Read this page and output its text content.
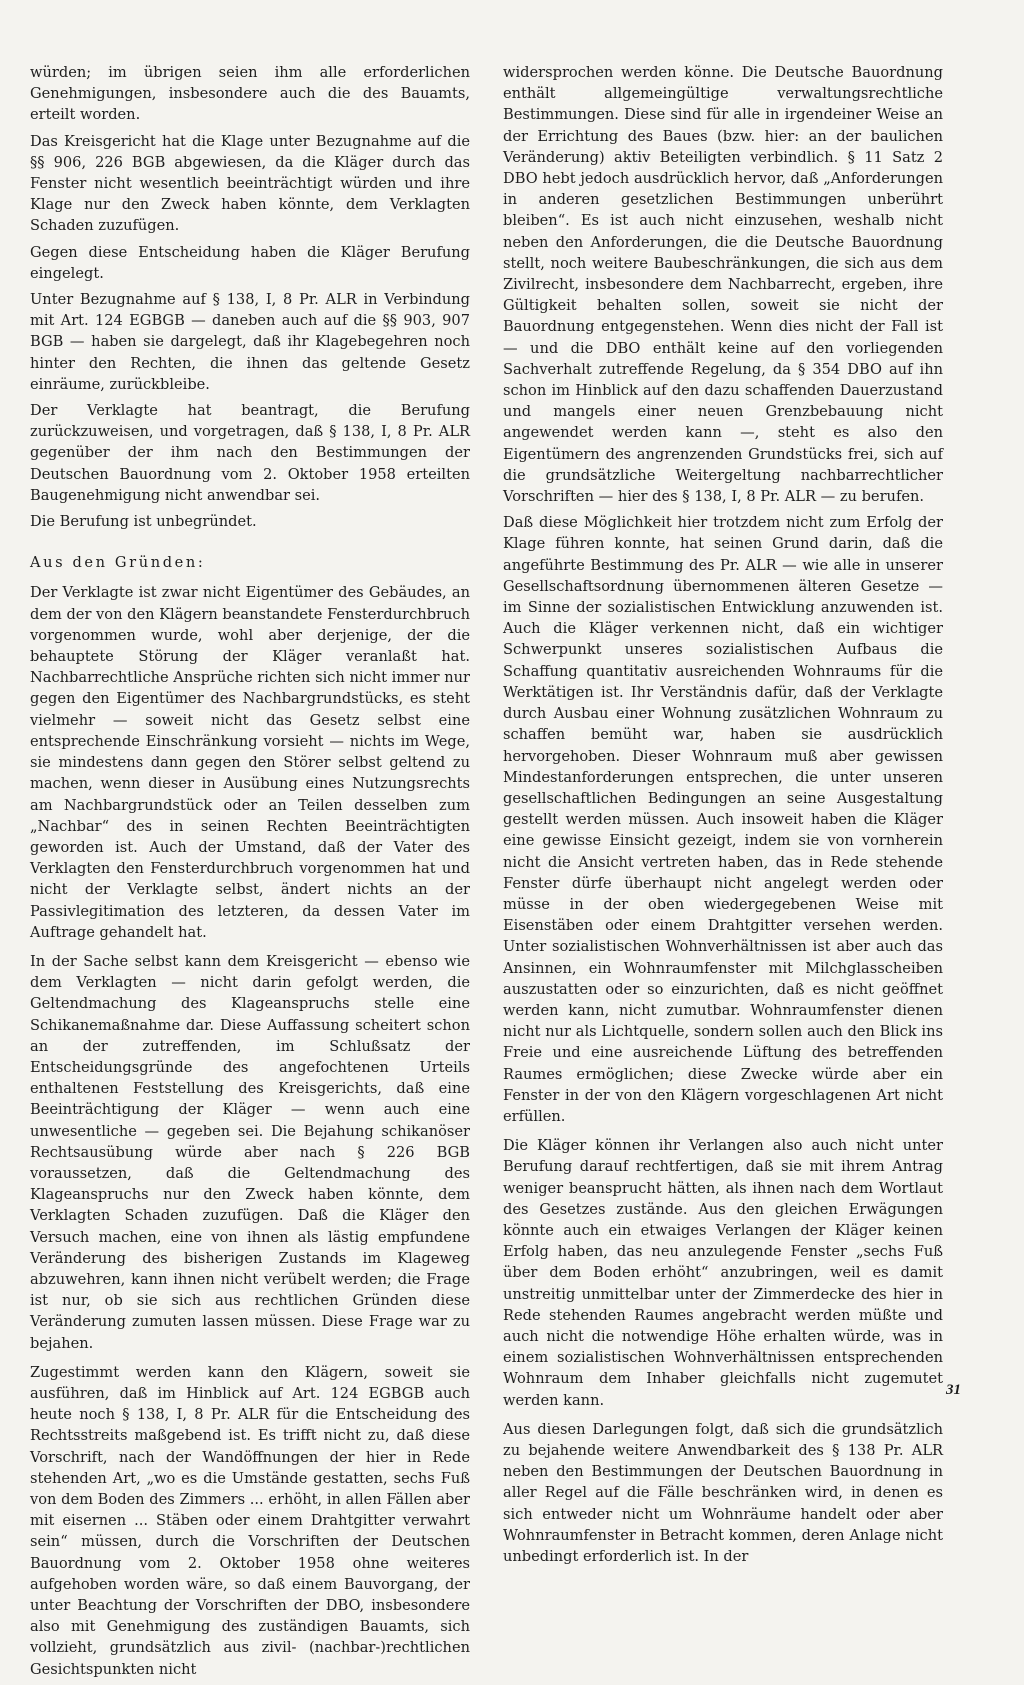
würden; im übrigen seien ihm alle erforderlichen Genehmigungen, insbesondere auch die des Bauamts, erteilt worden.

Das Kreisgericht hat die Klage unter Bezugnahme auf die §§ 906, 226 BGB abgewiesen, da die Kläger durch das Fenster nicht wesentlich beeinträchtigt würden und ihre Klage nur den Zweck haben könnte, dem Verklagten Schaden zuzufügen.

Gegen diese Entscheidung haben die Kläger Berufung eingelegt.

Unter Bezugnahme auf § 138, I, 8 Pr. ALR in Verbindung mit Art. 124 EGBGB — daneben auch auf die §§ 903, 907 BGB — haben sie dargelegt, daß ihr Klagebegehren noch hinter den Rechten, die ihnen das geltende Gesetz einräume, zurückbleibe.

Der Verklagte hat beantragt, die Berufung zurückzuweisen, und vorgetragen, daß § 138, I, 8 Pr. ALR gegenüber der ihm nach den Bestimmungen der Deutschen Bauordnung vom 2. Oktober 1958 erteilten Baugenehmigung nicht anwendbar sei.

Die Berufung ist unbegründet.

Aus den Gründen:

Der Verklagte ist zwar nicht Eigentümer des Gebäudes, an dem der von den Klägern beanstandete Fensterdurchbruch vorgenommen wurde, wohl aber derjenige, der die behauptete Störung der Kläger veranlaßt hat. Nachbarrechtliche Ansprüche richten sich nicht immer nur gegen den Eigentümer des Nachbargrundstücks, es steht vielmehr — soweit nicht das Gesetz selbst eine entsprechende Einschränkung vorsieht — nichts im Wege, sie mindestens dann gegen den Störer selbst geltend zu machen, wenn dieser in Ausübung eines Nutzungsrechts am Nachbargrundstück oder an Teilen desselben zum „Nachbar“ des in seinen Rechten Beeinträchtigten geworden ist. Auch der Umstand, daß der Vater des Verklagten den Fensterdurchbruch vorgenommen hat und nicht der Verklagte selbst, ändert nichts an der Passivlegitimation des letzteren, da dessen Vater im Auftrage gehandelt hat.

In der Sache selbst kann dem Kreisgericht — ebenso wie dem Verklagten — nicht darin gefolgt werden, die Geltendmachung des Klageanspruchs stelle eine Schikanemaßnahme dar. Diese Auffassung scheitert schon an der zutreffenden, im Schlußsatz der Entscheidungsgründe des angefochtenen Urteils enthaltenen Feststellung des Kreisgerichts, daß eine Beeinträchtigung der Kläger — wenn auch eine unwesentliche — gegeben sei. Die Bejahung schikanöser Rechtsausübung würde aber nach § 226 BGB voraussetzen, daß die Geltendmachung des Klageanspruchs nur den Zweck haben könnte, dem Verklagten Schaden zuzufügen. Daß die Kläger den Versuch machen, eine von ihnen als lästig empfundene Veränderung des bisherigen Zustands im Klageweg abzuwehren, kann ihnen nicht verübelt werden; die Frage ist nur, ob sie sich aus rechtlichen Gründen diese Veränderung zumuten lassen müssen. Diese Frage war zu bejahen.

Zugestimmt werden kann den Klägern, soweit sie ausführen, daß im Hinblick auf Art. 124 EGBGB auch heute noch § 138, I, 8 Pr. ALR für die Entscheidung des Rechtsstreits maßgebend ist. Es trifft nicht zu, daß diese Vorschrift, nach der Wandöffnungen der hier in Rede stehenden Art, „wo es die Umstände gestatten, sechs Fuß von dem Boden des Zimmers ... erhöht, in allen Fällen aber mit eisernen ... Stäben oder einem Drahtgitter verwahrt sein“ müssen, durch die Vorschriften der Deutschen Bauordnung vom 2. Oktober 1958 ohne weiteres aufgehoben worden wäre, so daß einem Bauvorgang, der unter Beachtung der Vorschriften der DBO, insbesondere also mit Genehmigung des zuständigen Bauamts, sich vollzieht, grundsätzlich aus zivil- (nachbar-)rechtlichen Gesichtspunkten nicht

widersprochen werden könne. Die Deutsche Bauordnung enthält allgemeingültige verwaltungsrechtliche Bestimmungen. Diese sind für alle in irgendeiner Weise an der Errichtung des Baues (bzw. hier: an der baulichen Veränderung) aktiv Beteiligten verbindlich. § 11 Satz 2 DBO hebt jedoch ausdrücklich hervor, daß „Anforderungen in anderen gesetzlichen Bestimmungen unberührt bleiben“. Es ist auch nicht einzusehen, weshalb nicht neben den Anforderungen, die die Deutsche Bauordnung stellt, noch weitere Baubeschränkungen, die sich aus dem Zivilrecht, insbesondere dem Nachbarrecht, ergeben, ihre Gültigkeit behalten sollen, soweit sie nicht der Bauordnung entgegenstehen. Wenn dies nicht der Fall ist — und die DBO enthält keine auf den vorliegenden Sachverhalt zutreffende Regelung, da § 354 DBO auf ihn schon im Hinblick auf den dazu schaffenden Dauerzustand und mangels einer neuen Grenzbebauung nicht angewendet werden kann —, steht es also den Eigentümern des angrenzenden Grundstücks frei, sich auf die grundsätzliche Weitergeltung nachbarrechtlicher Vorschriften — hier des § 138, I, 8 Pr. ALR — zu berufen.

Daß diese Möglichkeit hier trotzdem nicht zum Erfolg der Klage führen konnte, hat seinen Grund darin, daß die angeführte Bestimmung des Pr. ALR — wie alle in unserer Gesellschaftsordnung übernommenen älteren Gesetze — im Sinne der sozialistischen Entwicklung anzuwenden ist. Auch die Kläger verkennen nicht, daß ein wichtiger Schwerpunkt unseres sozialistischen Aufbaus die Schaffung quantitativ ausreichenden Wohnraums für die Werktätigen ist. Ihr Verständnis dafür, daß der Verklagte durch Ausbau einer Wohnung zusätzlichen Wohnraum zu schaffen bemüht war, haben sie ausdrücklich hervorgehoben. Dieser Wohnraum muß aber gewissen Mindestanforderungen entsprechen, die unter unseren gesellschaftlichen Bedingungen an seine Ausgestaltung gestellt werden müssen. Auch insoweit haben die Kläger eine gewisse Einsicht gezeigt, indem sie von vornherein nicht die Ansicht vertreten haben, das in Rede stehende Fenster dürfe überhaupt nicht angelegt werden oder müsse in der oben wiedergegebenen Weise mit Eisenstäben oder einem Drahtgitter versehen werden. Unter sozialistischen Wohnverhältnissen ist aber auch das Ansinnen, ein Wohnraumfenster mit Milchglasscheiben auszustatten oder so einzurichten, daß es nicht geöffnet werden kann, nicht zumutbar. Wohnraumfenster dienen nicht nur als Lichtquelle, sondern sollen auch den Blick ins Freie und eine ausreichende Lüftung des betreffenden Raumes ermöglichen; diese Zwecke würde aber ein Fenster in der von den Klägern vorgeschlagenen Art nicht erfüllen.

Die Kläger können ihr Verlangen also auch nicht unter Berufung darauf rechtfertigen, daß sie mit ihrem Antrag weniger beansprucht hätten, als ihnen nach dem Wortlaut des Gesetzes zustände. Aus den gleichen Erwägungen könnte auch ein etwaiges Verlangen der Kläger keinen Erfolg haben, das neu anzulegende Fenster „sechs Fuß über dem Boden erhöht“ anzubringen, weil es damit unstreitig unmittelbar unter der Zimmerdecke des hier in Rede stehenden Raumes angebracht werden müßte und auch nicht die notwendige Höhe erhalten würde, was in einem sozialistischen Wohnverhältnissen entsprechenden Wohnraum dem Inhaber gleichfalls nicht zugemutet werden kann.

Aus diesen Darlegungen folgt, daß sich die grundsätzlich zu bejahende weitere Anwendbarkeit des § 138 Pr. ALR neben den Bestimmungen der Deutschen Bauordnung in aller Regel auf die Fälle beschränken wird, in denen es sich entweder nicht um Wohnräume handelt oder aber Wohnraumfenster in Betracht kommen, deren Anlage nicht unbedingt erforderlich ist. In der

31
